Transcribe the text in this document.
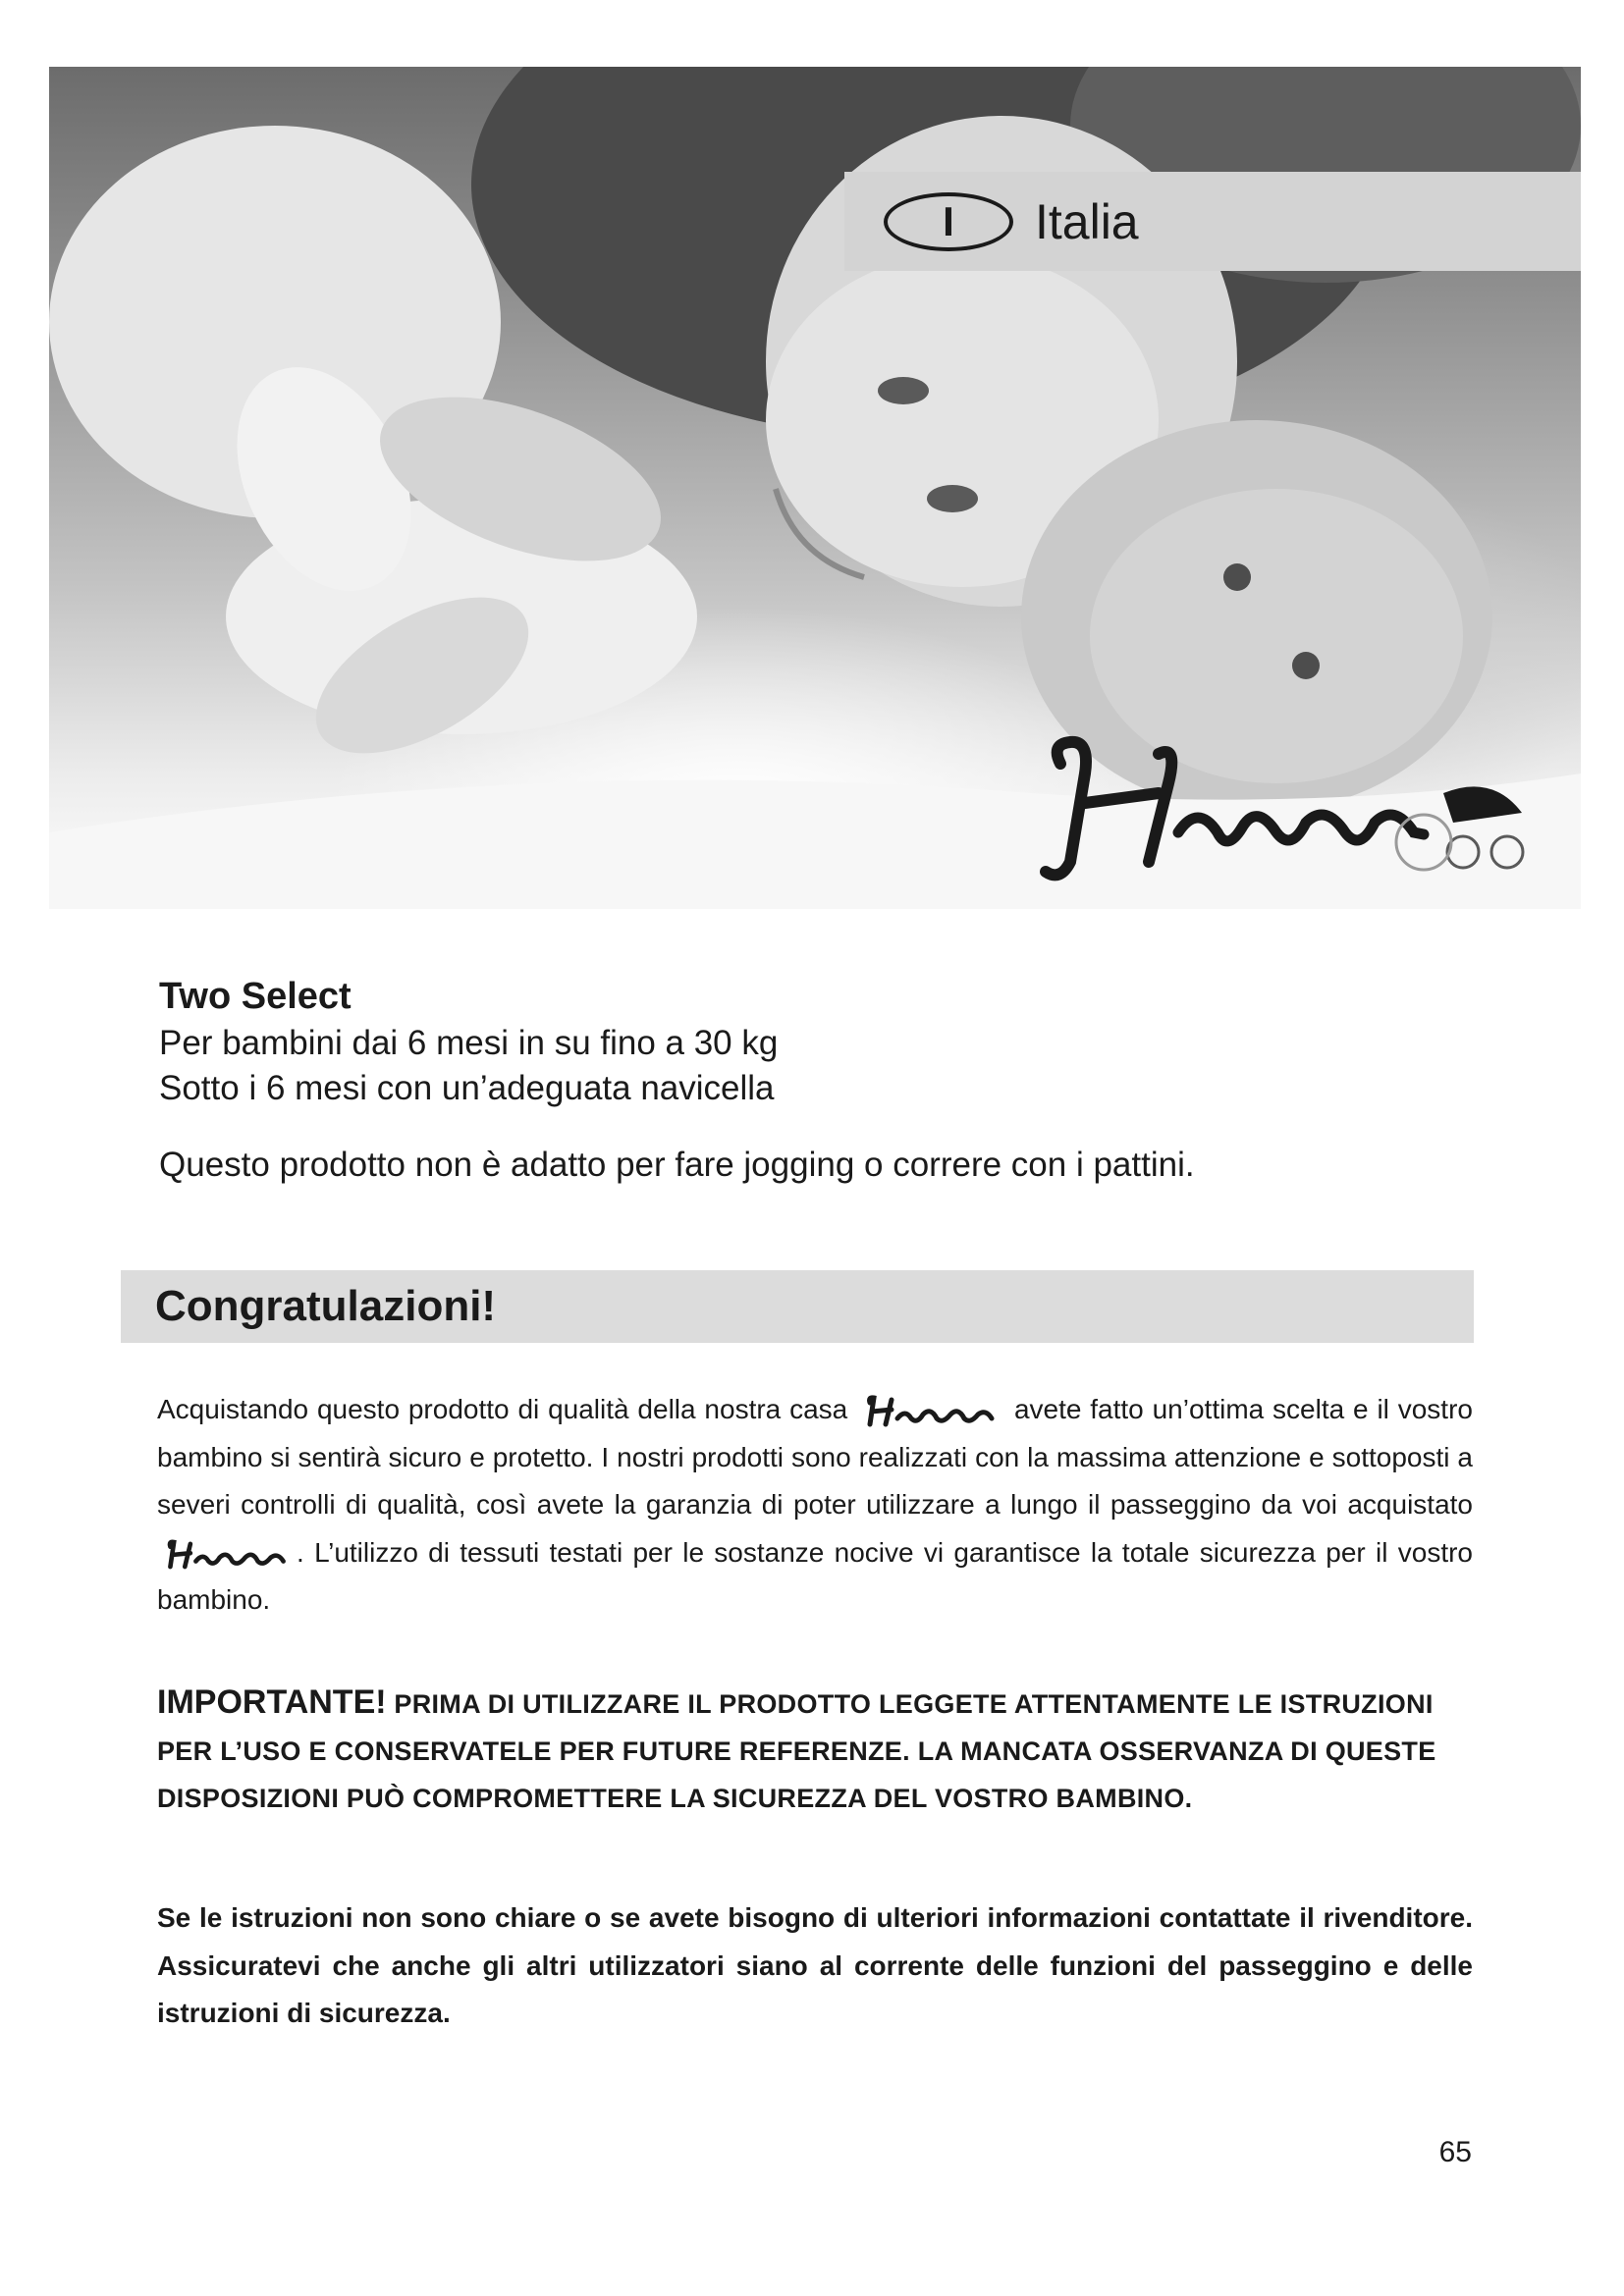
I Italia
Two Select
Per bambini dai 6 mesi in su fino a 30 kg
Sotto i 6 mesi con un’adeguata navicella
Questo prodotto non è adatto per fare jogging o correre con i pattini.
Congratulazioni!
Acquistando questo prodotto di qualità della nostra casa	avete fatto un’ottima scelta e il vostro bambino si sentirà sicuro e protetto. I nostri prodotti sono realizzati con la massima attenzione e sottoposti a severi controlli di qualità, così avete la garanzia di poter utilizzare a lungo il passeggino da voi acquistato. L’utilizzo di tessuti testati per le sostanze nocive vi garantisce la totale sicurezza per il vostro bambino.
IMPORTANTE! PRIMA DI UTILIZZARE IL PRODOTTO LEGGETE ATTENTAMENTE LE ISTRUZIONI PER L’USO E CONSERVATELE PER FUTURE REFERENZE. LA MANCATA OSSERVANZA DI QUESTE DISPOSIZIONI PUÒ COMPROMETTERE LA SICUREZZA DEL VOSTRO BAMBINO.
Se le istruzioni non sono chiare o se avete bisogno di ulteriori informazioni contattate il rivenditore. Assicuratevi che anche gli altri utilizzatori siano al corrente delle funzioni del passeggino e delle istruzioni di sicurezza.
65
